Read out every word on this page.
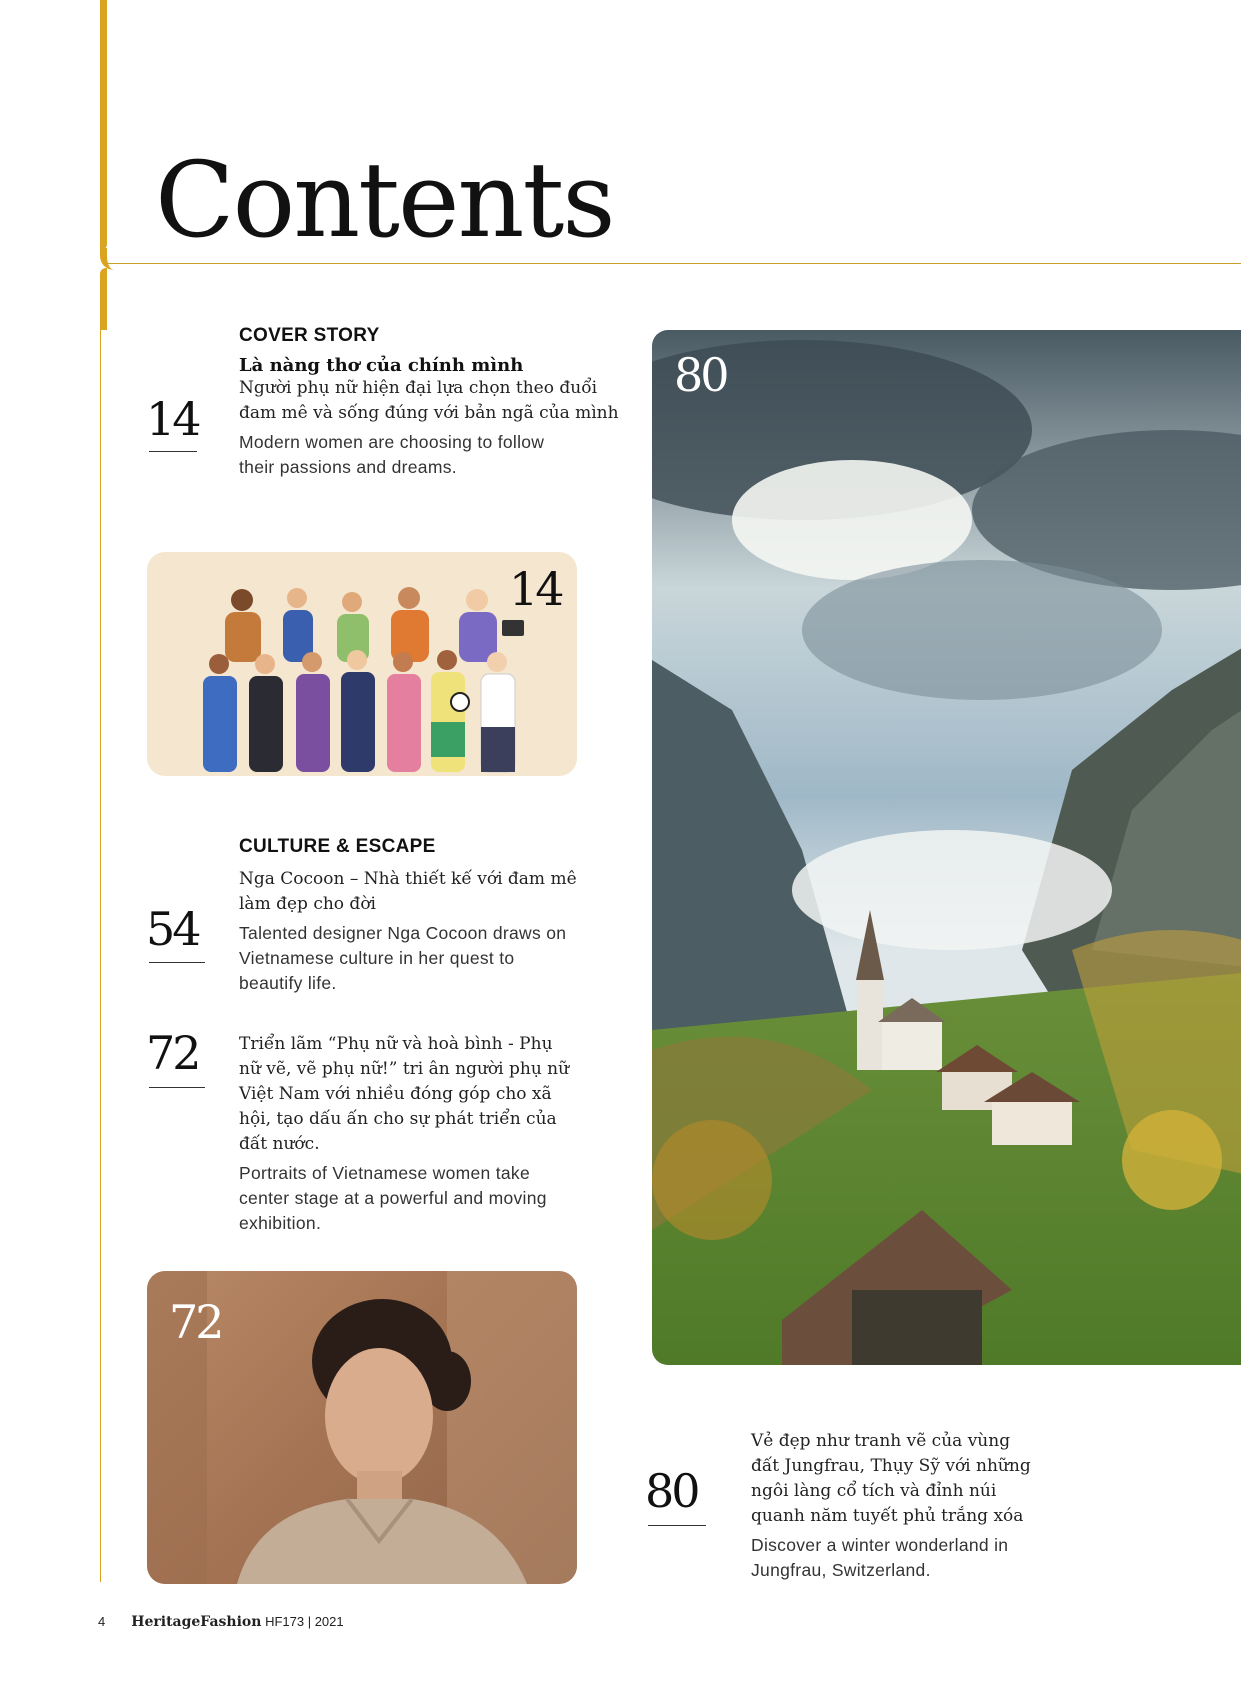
Contents
14

COVER STORY

Là nàng thơ của chính mình

Người phụ nữ hiện đại lựa chọn theo đuổi đam mê và sống đúng với bản ngã của mình

Modern women are choosing to follow their passions and dreams.

14

CULTURE & ESCAPE

54

Nga Cocoon – Nhà thiết kế với đam mê làm đẹp cho đời

Talented designer Nga Cocoon draws on Vietnamese culture in her quest to beautify life.

72 Triển lãm “Phụ nữ và hoà bình - Phụ nữ vẽ, vẽ phụ nữ!” tri ân người phụ nữ Việt Nam với nhiều đóng góp cho xã hội, tạo dấu ấn cho sự phát triển của đất nước.

Portraits of Vietnamese women take center stage at a powerful and moving exhibition.

72
80
80

Vẻ đẹp như tranh vẽ của vùng đất Jungfrau, Thụy Sỹ với những ngôi làng cổ tích và đỉnh núi quanh năm tuyết phủ trắng xóa

Discover a winter wonderland in Jungfrau, Switzerland.

4 HeritageFashion HF173 | 2021
